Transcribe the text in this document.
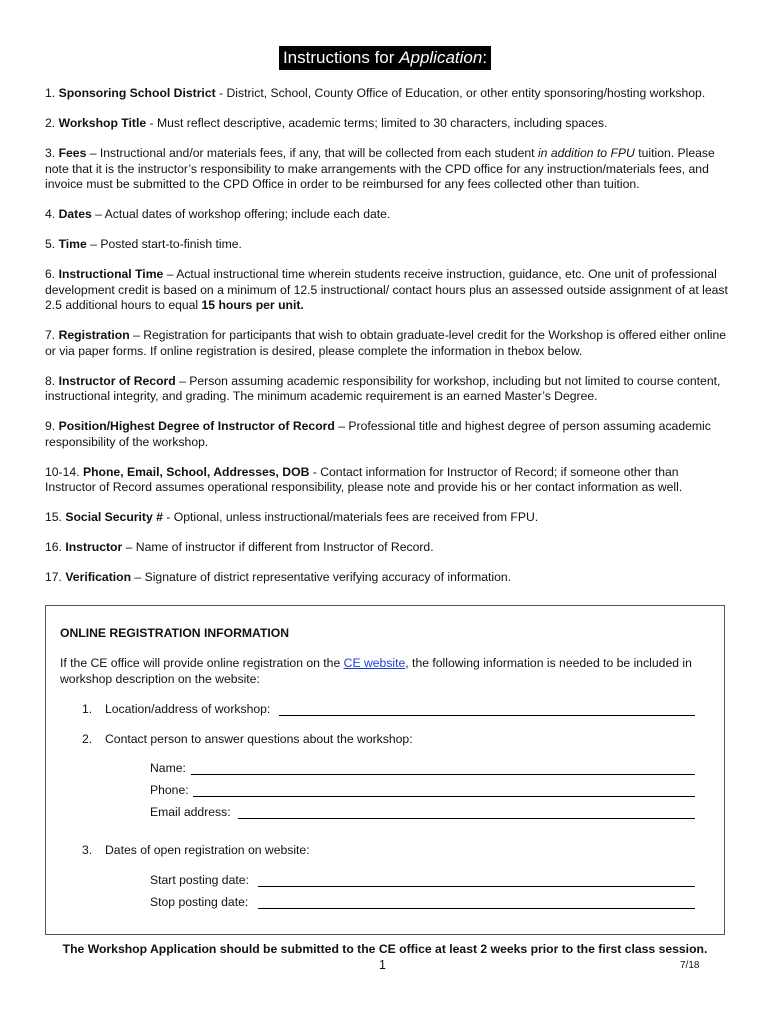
Instructions for Application:
1. Sponsoring School District - District, School, County Office of Education, or other entity sponsoring/hosting workshop.
2. Workshop Title - Must reflect descriptive, academic terms; limited to 30 characters, including spaces.
3. Fees – Instructional and/or materials fees, if any, that will be collected from each student in addition to FPU tuition. Please note that it is the instructor’s responsibility to make arrangements with the CPD office for any instruction/materials fees, and invoice must be submitted to the CPD Office in order to be reimbursed for any fees collected other than tuition.
4. Dates – Actual dates of workshop offering; include each date.
5. Time – Posted start-to-finish time.
6. Instructional Time – Actual instructional time wherein students receive instruction, guidance, etc. One unit of professional development credit is based on a minimum of 12.5 instructional/ contact hours plus an assessed outside assignment of at least 2.5 additional hours to equal 15 hours per unit.
7. Registration – Registration for participants that wish to obtain graduate-level credit for the Workshop is offered either online or via paper forms. If online registration is desired, please complete the information in thebox below.
8. Instructor of Record – Person assuming academic responsibility for workshop, including but not limited to course content, instructional integrity, and grading. The minimum academic requirement is an earned Master’s Degree.
9. Position/Highest Degree of Instructor of Record – Professional title and highest degree of person assuming academic responsibility of the workshop.
10-14. Phone, Email, School, Addresses, DOB - Contact information for Instructor of Record; if someone other than Instructor of Record assumes operational responsibility, please note and provide his or her contact information as well.
15. Social Security # - Optional, unless instructional/materials fees are received from FPU.
16. Instructor – Name of instructor if different from Instructor of Record.
17. Verification – Signature of district representative verifying accuracy of information.
ONLINE REGISTRATION INFORMATION
If the CE office will provide online registration on the CE website, the following information is needed to be included in workshop description on the website:
1. Location/address of workshop:
2. Contact person to answer questions about the workshop:
Name:
Phone:
Email address:
3. Dates of open registration on website:
Start posting date:
Stop posting date:
The Workshop Application should be submitted to the CE office at least 2 weeks prior to the first class session.
1	7/18
